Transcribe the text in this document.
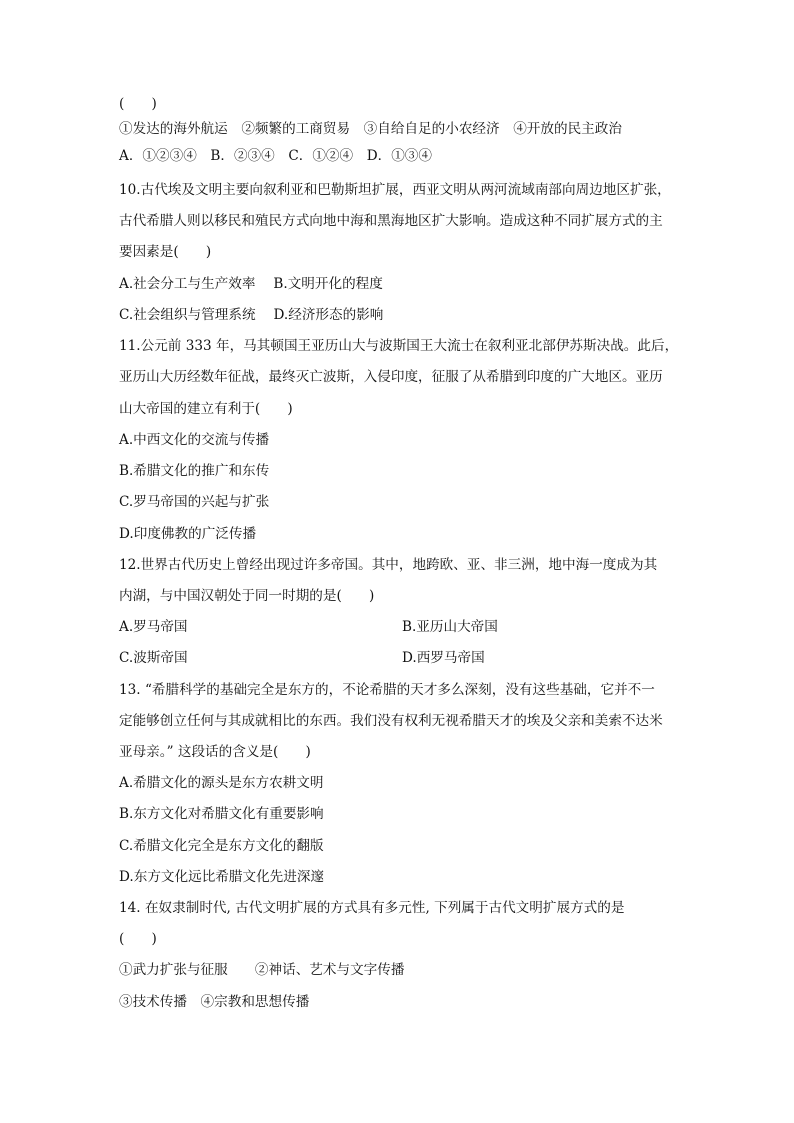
(　　)
①发达的海外航运　②频繁的工商贸易　③自给自足的小农经济　④开放的民主政治
A．①②③④　B．②③④　C．①②④　D．①③④
10.古代埃及文明主要向叙利亚和巴勒斯坦扩展，西亚文明从两河流域南部向周边地区扩张，
古代希腊人则以移民和殖民方式向地中海和黑海地区扩大影响。造成这种不同扩展方式的主
要因素是(　　)
A.社会分工与生产效率　 B.文明开化的程度
C.社会组织与管理系统　 D.经济形态的影响
11.公元前 333 年，马其顿国王亚历山大与波斯国王大流士在叙利亚北部伊苏斯决战。此后，
亚历山大历经数年征战，最终灭亡波斯，入侵印度，征服了从希腊到印度的广大地区。亚历
山大帝国的建立有利于(　　)
A.中西文化的交流与传播
B.希腊文化的推广和东传
C.罗马帝国的兴起与扩张
D.印度佛教的广泛传播
12.世界古代历史上曾经出现过许多帝国。其中，地跨欧、亚、非三洲，地中海一度成为其
内湖，与中国汉朝处于同一时期的是(　　)
A.罗马帝国	B.亚历山大帝国
C.波斯帝国	D.西罗马帝国
13. “希腊科学的基础完全是东方的，不论希腊的天才多么深刻，没有这些基础，它并不一
定能够创立任何与其成就相比的东西。我们没有权利无视希腊天才的埃及父亲和美索不达米
亚母亲。” 这段话的含义是(　　)
A.希腊文化的源头是东方农耕文明
B.东方文化对希腊文化有重要影响
C.希腊文化完全是东方文化的翻版
D.东方文化远比希腊文化先进深邃
14. 在奴隶制时代, 古代文明扩展的方式具有多元性, 下列属于古代文明扩展方式的是
(　　)
①武力扩张与征服　　②神话、艺术与文字传播
③技术传播　④宗教和思想传播
